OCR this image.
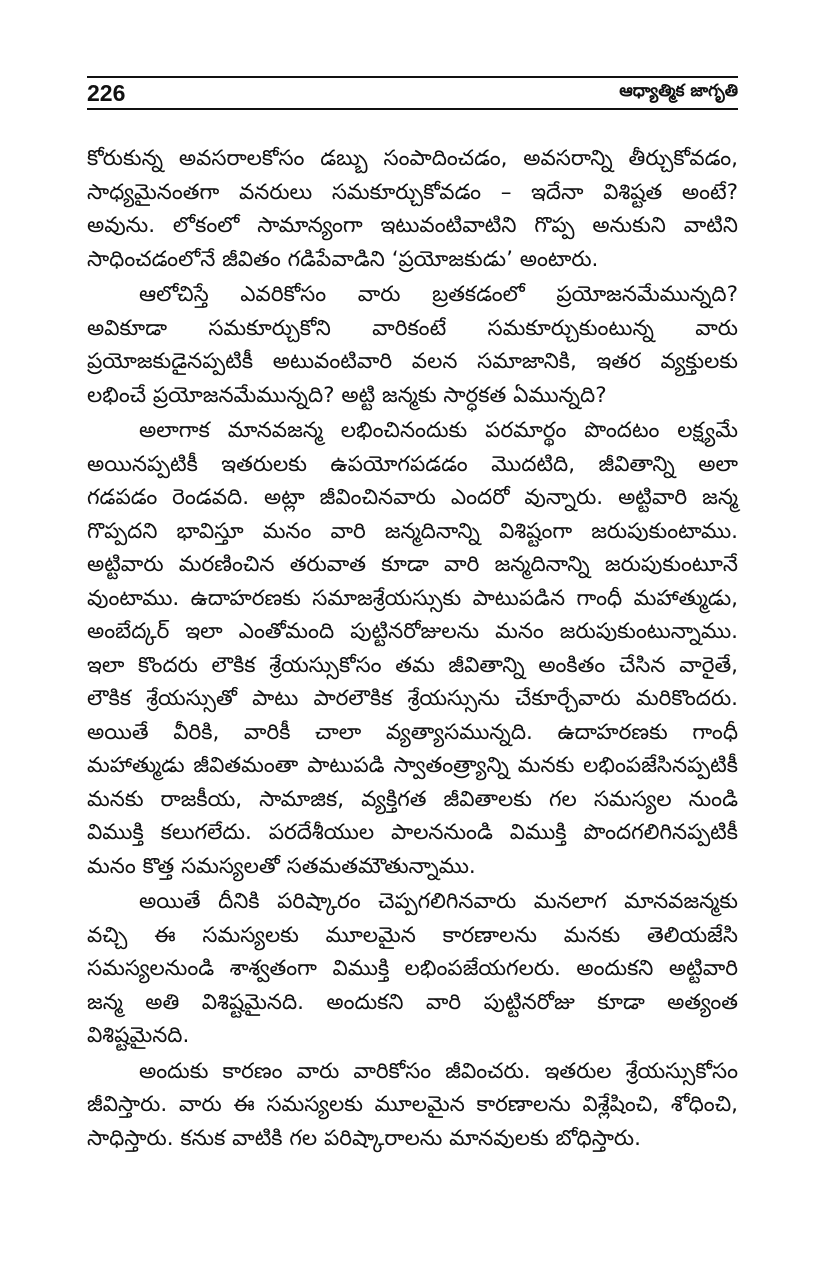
226	ఆధ్యాత్మిక జాగృతి

కోరుకున్న అవసరాలకోసం డబ్బు సంపాదించడం, అవసరాన్ని తీర్చుకోవడం,
సాధ్యమైనంతగా వనరులు సమకూర్చుకోవడం – ఇదేనా విశిష్టత అంటే?
అవును. లోకంలో సామాన్యంగా ఇటువంటివాటిని గొప్ప అనుకుని వాటిని
సాధించడంలోనే జీవితం గడిపేవాడిని ‘ప్రయోజకుడు’ అంటారు.

ఆలోచిస్తే ఎవరికోసం వారు బ్రతకడంలో ప్రయోజనమేమున్నది?
అవికూడా సమకూర్చుకోని వారికంటే సమకూర్చుకుంటున్న వారు
ప్రయోజకుడైనప్పటికీ అటువంటివారి వలన సమాజానికి, ఇతర వ్యక్తులకు
లభించే ప్రయోజనమేమున్నది? అట్టి జన్మకు సార్ధకత ఏమున్నది?

అలాగాక మానవజన్మ లభించినందుకు పరమార్థం పొందటం లక్ష్యమే
అయినప్పటికీ ఇతరులకు ఉపయోగపడడం మొదటిది, జీవితాన్ని అలా
గడపడం రెండవది. అట్లా జీవించినవారు ఎందరో వున్నారు. అట్టివారి జన్మ
గొప్పదని భావిస్తూ మనం వారి జన్మదినాన్ని విశిష్టంగా జరుపుకుంటాము.
అట్టివారు మరణించిన తరువాత కూడా వారి జన్మదినాన్ని జరుపుకుంటూనే
వుంటాము. ఉదాహరణకు సమాజశ్రేయస్సుకు పాటుపడిన గాంధీ మహాత్ముడు,
అంబేద్కర్ ఇలా ఎంతోమంది పుట్టినరోజులను మనం జరుపుకుంటున్నాము.
ఇలా కొందరు లౌకిక శ్రేయస్సుకోసం తమ జీవితాన్ని అంకితం చేసిన వారైతే,
లౌకిక శ్రేయస్సుతో పాటు పారలౌకిక శ్రేయస్సును చేకూర్చేవారు మరికొందరు.
అయితే వీరికి, వారికీ చాలా వ్యత్యాసమున్నది. ఉదాహరణకు గాంధీ
మహాత్ముడు జీవితమంతా పాటుపడి స్వాతంత్ర్యాన్ని మనకు లభింపజేసినప్పటికీ
మనకు రాజకీయ, సామాజిక, వ్యక్తిగత జీవితాలకు గల సమస్యల నుండి
విముక్తి కలుగలేదు. పరదేశీయుల పాలననుండి విముక్తి పొందగలిగినప్పటికీ
మనం కొత్త సమస్యలతో సతమతమౌతున్నాము.

అయితే దీనికి పరిష్కారం చెప్పగలిగినవారు మనలాగ మానవజన్మకు
వచ్చి ఈ సమస్యలకు మూలమైన కారణాలను మనకు తెలియజేసి
సమస్యలనుండి శాశ్వతంగా విముక్తి లభింపజేయగలరు. అందుకని అట్టివారి
జన్మ అతి విశిష్టమైనది. అందుకని వారి పుట్టినరోజు కూడా అత్యంత
విశిష్టమైనది.

అందుకు కారణం వారు వారికోసం జీవించరు. ఇతరుల శ్రేయస్సుకోసం
జీవిస్తారు. వారు ఈ సమస్యలకు మూలమైన కారణాలను విశ్లేషించి, శోధించి,
సాధిస్తారు. కనుక వాటికి గల పరిష్కారాలను మానవులకు బోధిస్తారు.
